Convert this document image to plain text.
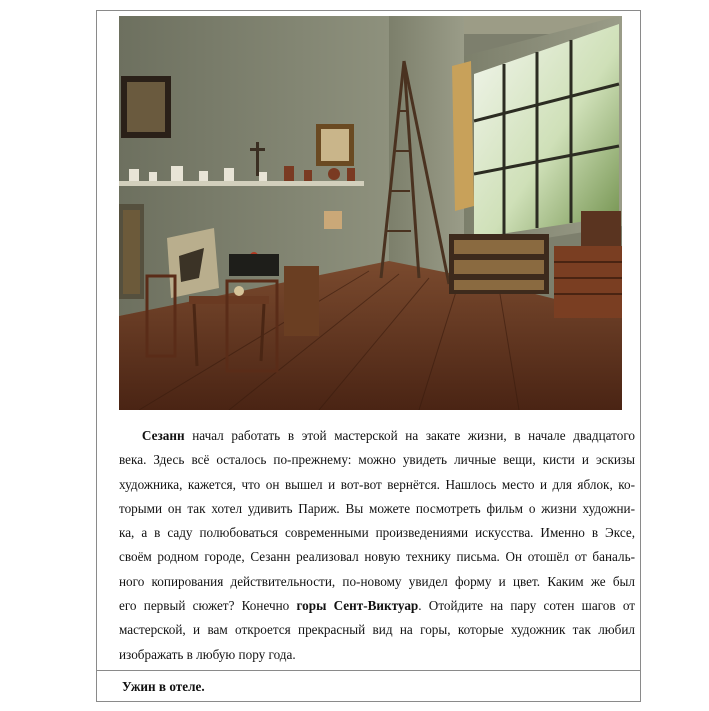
Сезанн начал работать в этой мастерской на закате жизни, в начале двадцатого
века. Здесь всё осталось по-прежнему: можно увидеть личные вещи, кисти и эскизы
художника, кажется, что он вышел и вот-вот вернётся. Нашлось место и для яблок, ко-
торыми он так хотел удивить Париж. Вы можете посмотреть фильм о жизни художни-
ка, а в саду полюбоваться современными произведениями искусства. Именно в Эксе,
своём родном городе, Сезанн реализовал новую технику письма. Он отошёл от баналь-
ного копирования действительности, по-новому увидел форму и цвет. Каким же был
его первый сюжет? Конечно горы Сент-Виктуар. Отойдите на пару сотен шагов от
мастерской, и вам откроется прекрасный вид на горы, которые художник так любил
изображать в любую пору года.
Ужин в отеле.
